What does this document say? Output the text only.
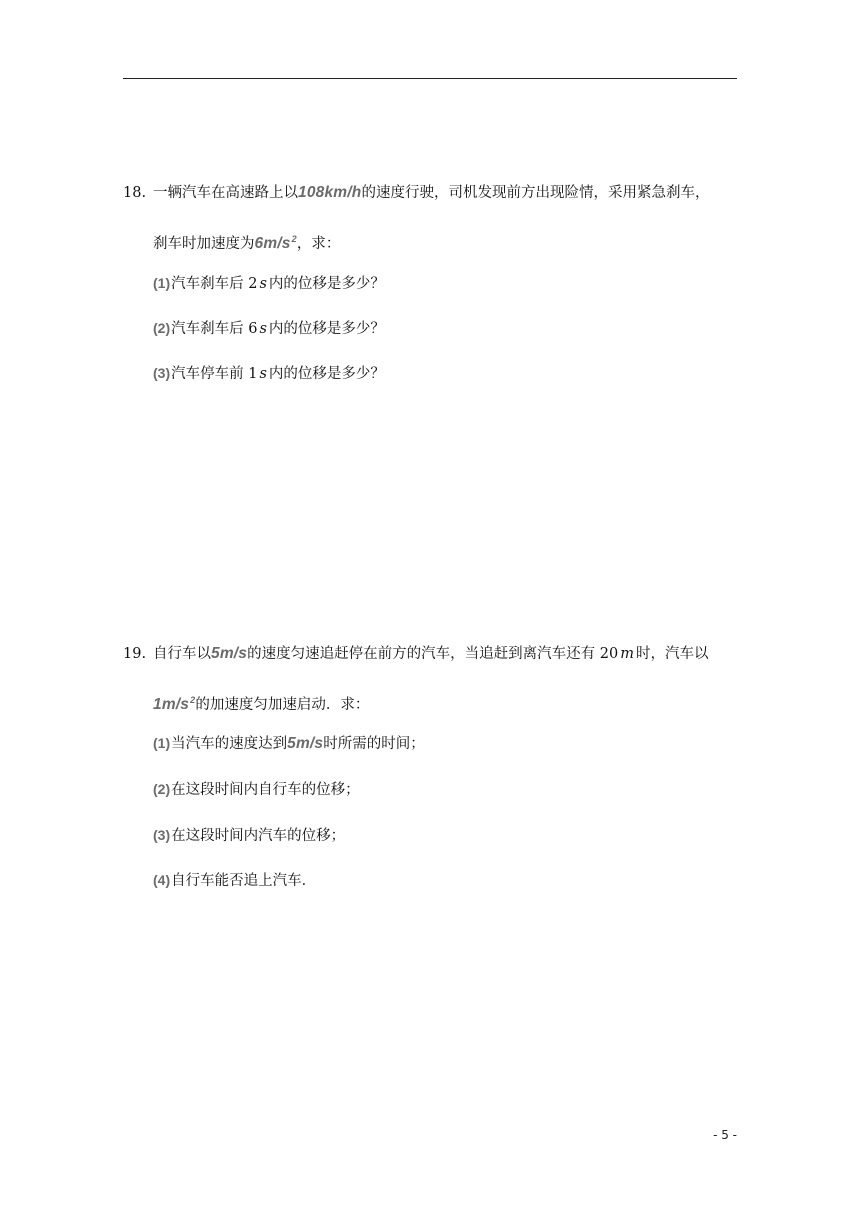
18. 一辆汽车在高速路上以 108km/h 的速度行驶，司机发现前方出现险情，采用紧急刹车，
刹车时加速度为 $6m/s^2$ ，求：
(1) 汽车刹车后 2 s 内的位移是多少？
(2) 汽车刹车后 6 s 内的位移是多少？
(3) 汽车停车前 1 s 内的位移是多少？
19. 自行车以 5m/s 的速度匀速追赶停在前方的汽车，当追赶到离汽车还有 20 m 时，汽车以
$1m/s^2$ 的加速度匀加速启动．求：
(1) 当汽车的速度达到 5m/s 时所需的时间；
(2) 在这段时间内自行车的位移；
(3) 在这段时间内汽车的位移；
(4) 自行车能否追上汽车．
- 5 -
